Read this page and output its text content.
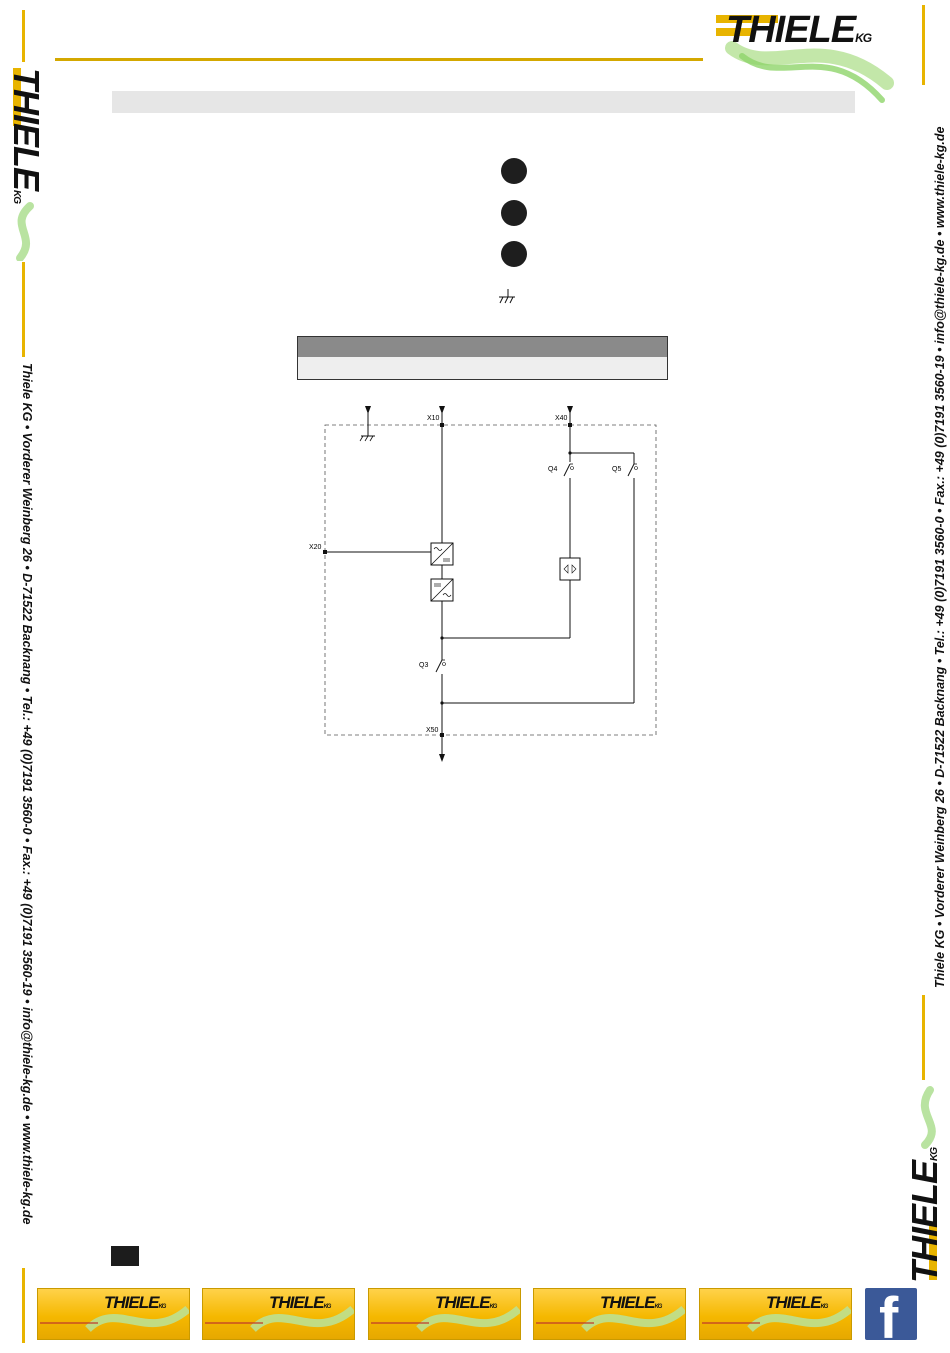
THIELEKG
THIELEKG
THIELEKG
Thiele KG • Vorderer Weinberg 26 • D-71522 Backnang • Tel.: +49 (0)7191 3560-0 • Fax.: +49 (0)7191 3560-19 • info@thiele-kg.de • www.thiele-kg.de	Thiele KG • Vorderer Weinberg 26 • D-71522 Backnang • Tel.: +49 (0)7191 3560-0 • Fax.: +49 (0)7191 3560-19 • info@thiele-kg.de • www.thiele-kg.de
X10
X20
Q3
X40
Q4	Q5
X50
THIELEKG	THIELEKG	THIELEKG	THIELEKG	THIELEKG f
